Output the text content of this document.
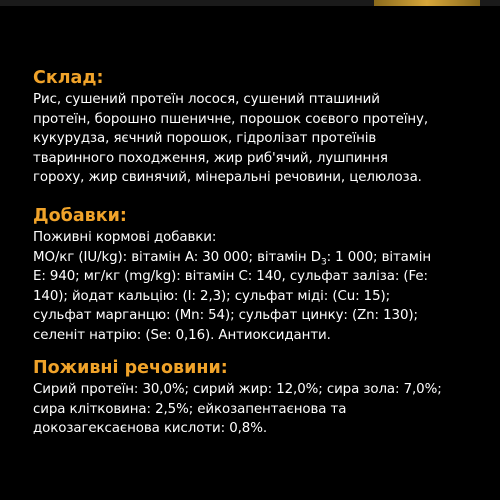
Склад:

Рис, сушений протеїн лосося, сушений пташиний
протеїн, борошно пшеничне, порошок соєвого протеїну,
кукурудза, яєчний порошок, гідролізат протеїнів
тваринного походження, жир риб'ячий, лушпиння
гороху, жир свинячий, мінеральні речовини, целюлоза.

Добавки:

Поживні кормові добавки:
МО/кг (IU/kg): вітамін A: 30 000; вітамін $D_3$: 1 000; вітамін
Е: 940; мг/кг (mg/kg): вітамін С: 140, сульфат заліза: (Fe:
140); йодат кальцію: (I: 2,3); сульфат міді: (Cu: 15);
сульфат марганцю: (Mn: 54); сульфат цинку: (Zn: 130);
селеніт натрію: (Se: 0,16). Антиоксиданти.

Поживні речовини:

Сирий протеїн: 30,0%; сирий жир: 12,0%; сира зола: 7,0%;
сира клітковина: 2,5%; ейкозапентаєнова та
докозагексаєнова кислоти: 0,8%.
